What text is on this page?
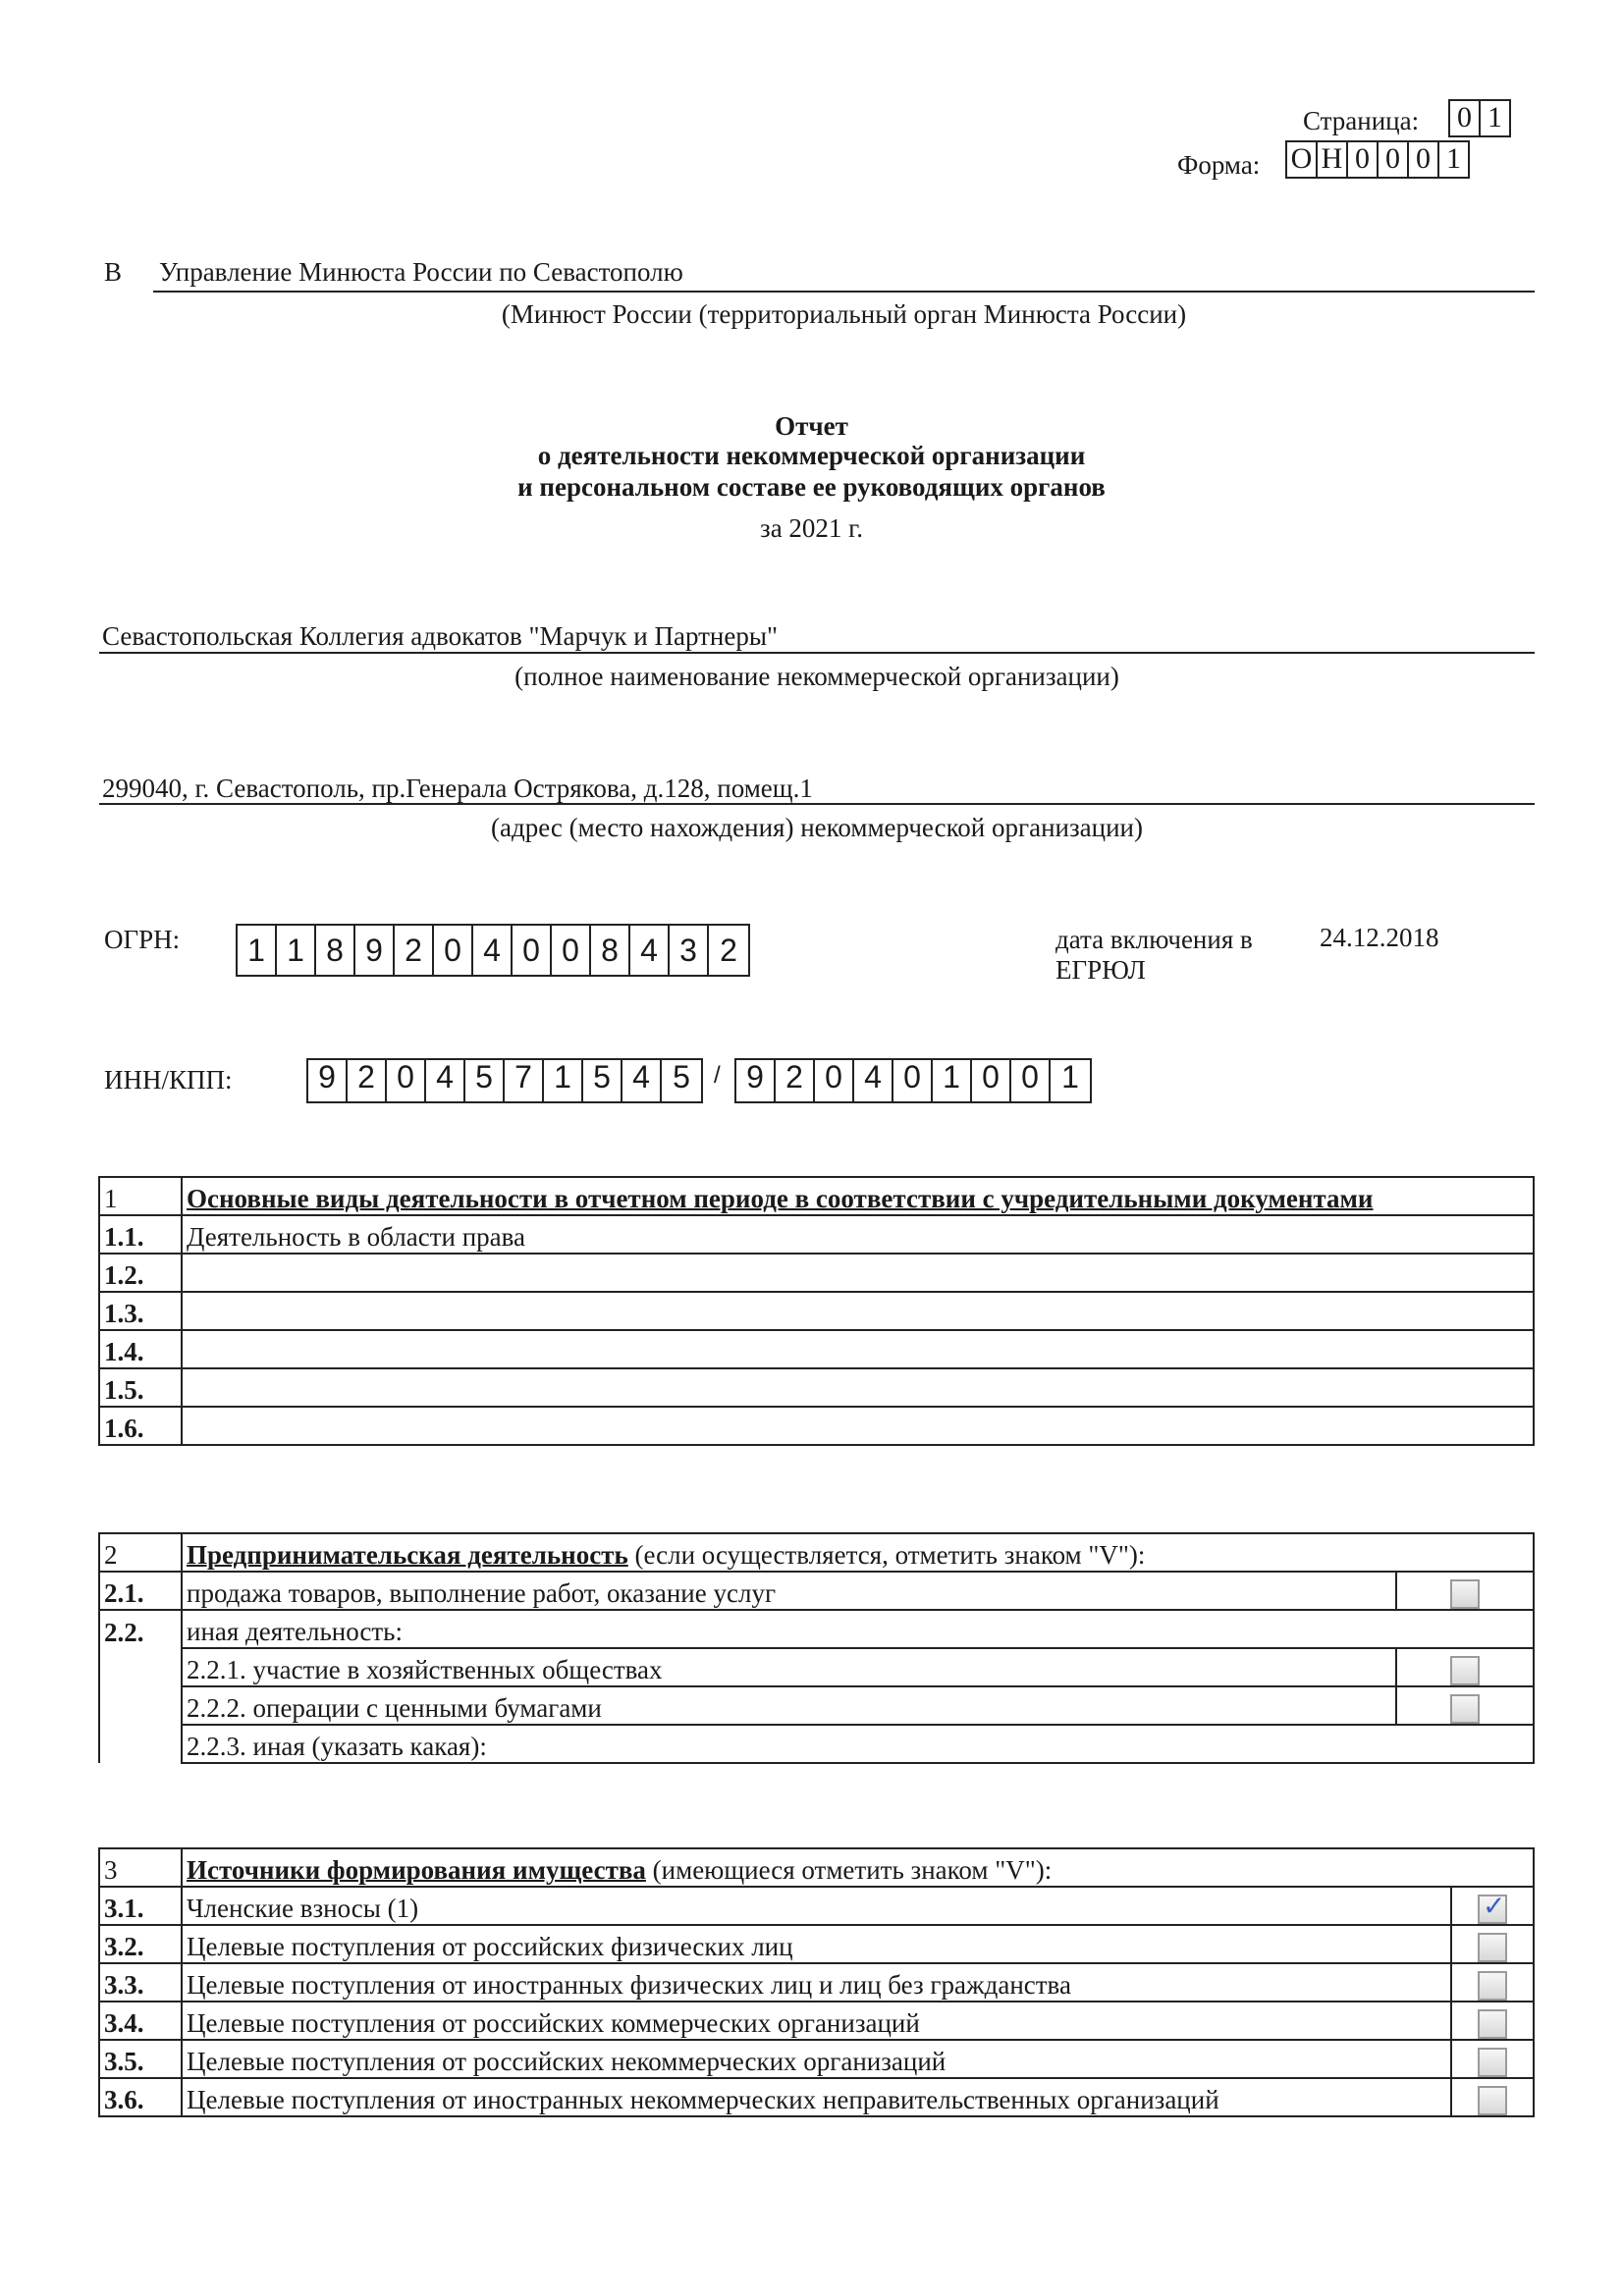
Страница: 0 1
Форма: О Н 0 0 0 1
В Управление Минюста России по Севастополю
(Минюст России (территориальный орган Минюста России)
Отчет
о деятельности некоммерческой организации
и персональном составе ее руководящих органов
за 2021 г.
Севастопольская Коллегия адвокатов "Марчук и Партнеры"
(полное наименование некоммерческой организации)
299040, г. Севастополь, пр.Генерала Острякова, д.128, помещ.1
(адрес (место нахождения) некоммерческой организации)
ОГРН:	1 1 8 9 2 0 4 0 0 8 4 3 2	дата включения в
ЕГРЮЛ
24.12.2018
ИНН/КПП:	9 2 0 4 5 7 1 5 4 5	/ 9 2 0 4 0 1 0 0 1
1	Основные виды деятельности в отчетном периоде в соответствии с учредительными документами
1.1.	Деятельность в области права
1.2.	
1.3.	
1.4.	
1.5.	
1.6.	
2	Предпринимательская деятельность (если осуществляется, отметить знаком "V"):	
2.1.	продажа товаров, выполнение работ, оказание услуг	
2.2.	иная деятельность:	
	2.2.1. участие в хозяйственных обществах	
	2.2.2. операции с ценными бумагами	
	2.2.3. иная (указать какая):	
3	Источники формирования имущества (имеющиеся отметить знаком "V"):	
3.1.	Членские взносы (1)	✓
3.2.	Целевые поступления от российских физических лиц	
3.3.	Целевые поступления от иностранных физических лиц и лиц без гражданства	
3.4.	Целевые поступления от российских коммерческих организаций	
3.5.	Целевые поступления от российских некоммерческих организаций	
3.6.	Целевые поступления от иностранных некоммерческих неправительственных организаций	
